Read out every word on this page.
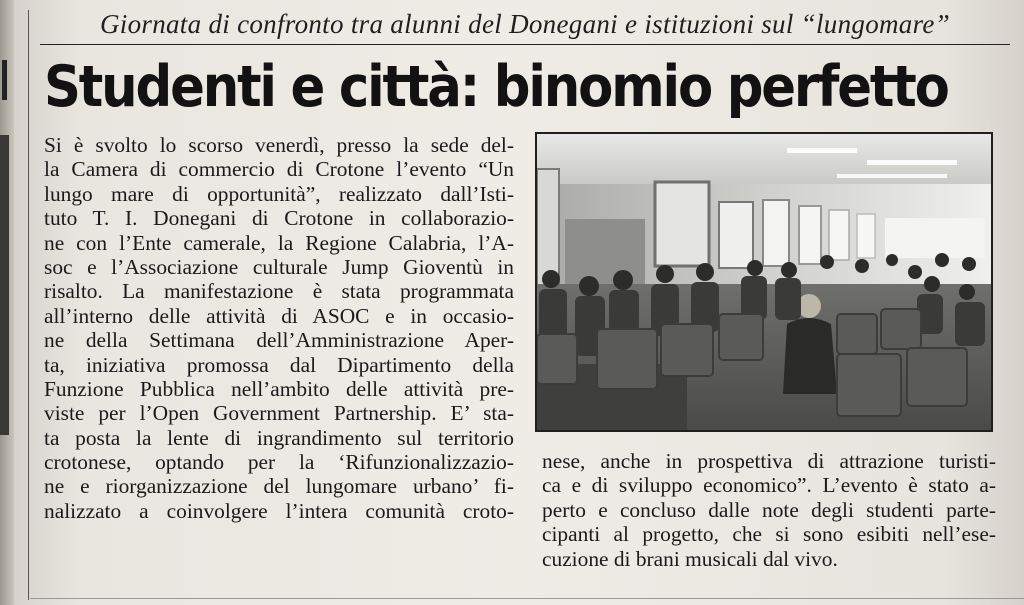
Giornata di confronto tra alunni del Donegani e istituzioni sul “lungomare”
Studenti e città: binomio perfetto
Si è svolto lo scorso venerdì, presso la sede del-
la Camera di commercio di Crotone l’evento “Un
lungo mare di opportunità”, realizzato dall’Isti-
tuto T. I. Donegani di Crotone in collaborazio-
ne con l’Ente camerale, la Regione Calabria, l’A-
soc e l’Associazione culturale Jump Gioventù in
risalto. La manifestazione è stata programmata
all’interno delle attività di ASOC e in occasio-
ne della Settimana dell’Amministrazione Aper-
ta, iniziativa promossa dal Dipartimento della
Funzione Pubblica nell’ambito delle attività pre-
viste per l’Open Government Partnership. E’ sta-
ta posta la lente di ingrandimento sul territorio
crotonese, optando per la ‘Rifunzionalizzazio-
ne e riorganizzazione del lungomare urbano’ fi-
nalizzato a coinvolgere l’intera comunità croto-
nese, anche in prospettiva di attrazione turisti-
ca e di sviluppo economico”. L’evento è stato a-
perto e concluso dalle note degli studenti parte-
cipanti al progetto, che si sono esibiti nell’ese-
cuzione di brani musicali dal vivo.
